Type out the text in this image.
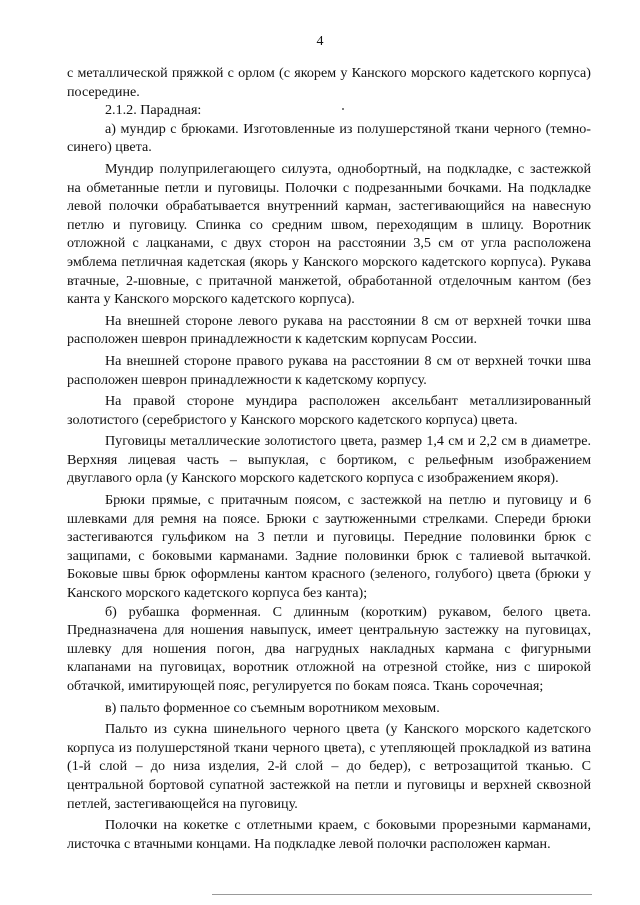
4

с металлической пряжкой с орлом (с якорем у Канского морского кадетского корпуса) посередине.

2.1.2. Парадная:

а) мундир с брюками. Изготовленные из полушерстяной ткани черного (темно-синего) цвета.

Мундир полуприлегающего силуэта, однобортный, на подкладке, с застежкой на обметанные петли и пуговицы. Полочки с подрезанными бочками. На подкладке левой полочки обрабатывается внутренний карман, застегивающийся на навесную петлю и пуговицу. Спинка со средним швом, переходящим в шлицу. Воротник отложной с лацканами, с двух сторон на расстоянии 3,5 см от угла расположена эмблема петличная кадетская (якорь у Канского морского кадетского корпуса). Рукава втачные, 2-шовные, с притачной манжетой, обработанной отделочным кантом (без канта у Канского морского кадетского корпуса).

На внешней стороне левого рукава на расстоянии 8 см от верхней точки шва расположен шеврон принадлежности к кадетским корпусам России.

На внешней стороне правого рукава на расстоянии 8 см от верхней точки шва расположен шеврон принадлежности к кадетскому корпусу.

На правой стороне мундира расположен аксельбант металлизированный золотистого (серебристого у Канского морского кадетского корпуса) цвета.

Пуговицы металлические золотистого цвета, размер 1,4 см и 2,2 см в диаметре. Верхняя лицевая часть – выпуклая, с бортиком, с рельефным изображением двуглавого орла (у Канского морского кадетского корпуса с изображением якоря).

Брюки прямые, с притачным поясом, с застежкой на петлю и пуговицу и 6 шлевками для ремня на поясе. Брюки с заутюженными стрелками. Спереди брюки застегиваются гульфиком на 3 петли и пуговицы. Передние половинки брюк с защипами, с боковыми карманами. Задние половинки брюк с талиевой вытачкой. Боковые швы брюк оформлены кантом красного (зеленого, голубого) цвета (брюки у Канского морского кадетского корпуса без канта);

б) рубашка форменная. С длинным (коротким) рукавом, белого цвета. Предназначена для ношения навыпуск, имеет центральную застежку на пуговицах, шлевку для ношения погон, два нагрудных накладных кармана с фигурными клапанами на пуговицах, воротник отложной на отрезной стойке, низ с широкой обтачкой, имитирующей пояс, регулируется по бокам пояса. Ткань сорочечная;

в) пальто форменное со съемным воротником меховым.

Пальто из сукна шинельного черного цвета (у Канского морского кадетского корпуса из полушерстяной ткани черного цвета), с утепляющей прокладкой из ватина (1-й слой – до низа изделия, 2-й слой – до бедер), с ветрозащитой тканью. С центральной бортовой супатной застежкой на петли и пуговицы и верхней сквозной петлей, застегивающейся на пуговицу.

Полочки на кокетке с отлетными краем, с боковыми прорезными карманами, листочка с втачными концами. На подкладке левой полочки расположен карман.
